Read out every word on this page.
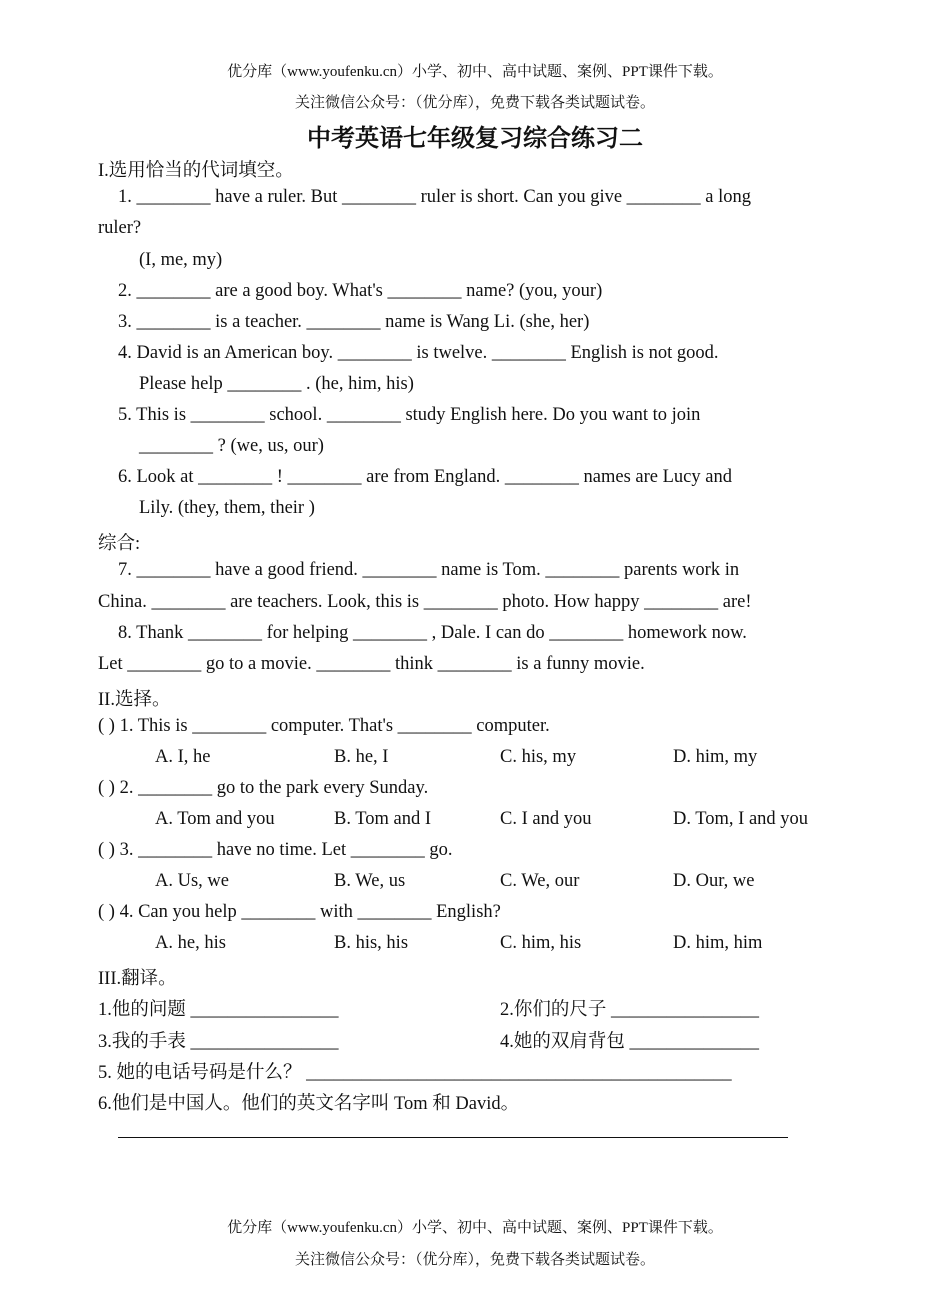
优分库（www.youfenku.cn）小学、初中、高中试题、案例、PPT课件下载。
关注微信公众号：（优分库），免费下载各类试题试卷。
中考英语七年级复习综合练习二
I.选用恰当的代词填空。
1. ________ have a ruler. But ________ ruler is short. Can you give ________ a long
ruler?
(I, me, my)
2. ________ are a good boy. What's ________ name? (you, your)
3. ________ is a teacher. ________ name is Wang Li. (she, her)
4. David is an American boy. ________ is twelve. ________ English is not good.
Please help ________ . (he, him, his)
5. This is ________ school. ________ study English here. Do you want to join
________ ? (we, us, our)
6. Look at ________ ! ________ are from England. ________ names are Lucy and
Lily. (they, them, their )
综合:
7. ________ have a good friend. ________ name is Tom. ________ parents work in
China. ________ are teachers. Look, this is ________ photo. How happy ________ are!
8. Thank ________ for helping ________ , Dale. I can do ________ homework now.
Let ________ go to a movie. ________ think ________ is a funny movie.
II.选择。
( ) 1. This is ________ computer. That's ________ computer.
A. I, he	B. he, I	C. his, my	D. him, my
( ) 2. ________ go to the park every Sunday.
A. Tom and you	B. Tom and I	C. I and you	D. Tom, I and you
( ) 3. ________ have no time. Let ________ go.
A. Us, we	B. We, us	C. We, our	D. Our, we
( ) 4. Can you help ________ with ________ English?
A. he, his	B. his, his	C. him, his	D. him, him
III.翻译。
1.他的问题 ________________	2.你们的尺子 ________________
3.我的手表 ________________	4.她的双肩背包 ______________
5. 她的电话号码是什么？ ______________________________________________
6.他们是中国人。他们的英文名字叫 Tom 和 David。
优分库（www.youfenku.cn）小学、初中、高中试题、案例、PPT课件下载。
关注微信公众号：（优分库），免费下载各类试题试卷。
